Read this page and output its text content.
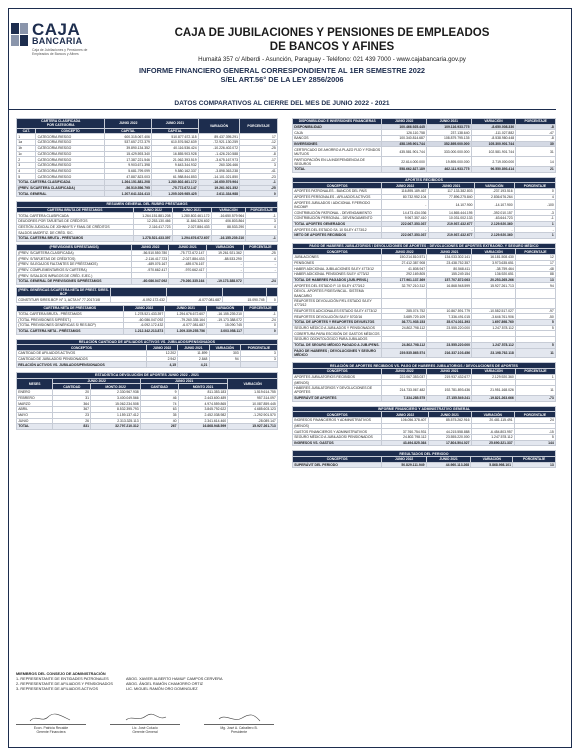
CAJA
BANCARIA
Caja de Jubilaciones y Pensiones de Empleados de Bancos y Afines
CAJA DE JUBILACIONES Y PENSIONES DE EMPLEADOS
DE BANCOS Y AFINES
Humaitá 357 c/ Alberdi - Asunción, Paraguay - Teléfono: 021 439 7000 - www.cajabancaria.gov.py
INFORME FINANCIERO GENERAL CORRESPONDIENTE AL 1ER SEMESTRE 2022
S/EL ART.56° DE LA LEY 2856/2006
DATOS COMPARATIVOS AL CIERRE DEL MES DE JUNIO 2022 - 2021
CARTERA CLASIFICADA
POR CATEGORIA		JUNIO 2022	JUNIO 2021	VARIACIÓN	PORCENTAJE
CAT.	CONCEPTO	CAPITAL	CAPITAL		
1	CATEGORIA RIESGO	600.315.067.406	510.877.672.115	89.437.395.291	17
1a	CATEGORIA RIESGO	537.657.272.379	610.576.562.639	-72.921.130.259	-12
1b	CATEGORIA RIESGO	39.890.134.352	40.116.536.424	-10.226.402.072	-25
1c	CATEGORIA RIESGO	15.429.593.340	16.855.903.928	-1.426.210.588	-8
2	CATEGORIA RIESGO	17.387.221.546	21.062.393.519	-3.675.167.973	-17
3	CATEGORIA RIESGO	9.903.671.398	9.643.344.932	260.326.466	3
4	CATEGORIA RIESGO	5.681.799.099	9.580.162.337	-3.898.363.238	-41
5	CATEGORIA RIESGO	47.887.823.003	61.988.844.853	-14.101.021.850	-23
TOTAL CARTERA CLASIFICADA		1.264.151.881.208	1.280.802.461.172	-16.650.579.964	-1
(PREV. S/CARTERA CLASIFICADA)		-56.510.556.795	-75.772.672.147	19.261.921.352	-25
TOTAL GENERAL		1.207.641.324.413	1.205.029.985.425	2.611.334.988	0
RESUMEN GENERAL DEL RUBRO PRÉSTAMOS				
CARTERA BRUTA DE PRÉSTAMOS	JUNIO 2022	JUNIO 2021	VARIACIÓN	PORCENTAJE
TOTAL CARTERA CLASIFICADA	1.264.151.881.208	1.280.802.461.172	-16.650.579.964	-1
DEUDORES POR TARJETAS DE CRÉDITOS	12.253.130.466	11.846.326.602	406.803.864	3
GESTIÓN JUDICIAL DE JOHNNY'S Y FAML DE CRÉDITOS	2.116.417.723	2.027.884.433	88.533.290	4
SALDOS AMORTIZ. DE CRÉD. S/C.				
TOTAL CARTERA BRUTA - PRÉSTAMOS	1.278.521.433.397	1.294.676.672.607	-16.155.239.210	-1
(PREVISIONES S/PRÉSTAMOS)	JUNIO 2022	JUNIO 2021	VARIACIÓN	PORCENTAJE
(PREV. S/CARTERA CLASIFICADA)	-56.510.550.780	-75.772.672.147	19.261.921.362	-25
(PREV. S/TARJETAS DE CRÉDITOS)	-2.116.417.723	-2.027.884.433	-88.533.290	4
(PREV. S/LEGAJOS FALTANTES DE PRÉSTAMOS)	-489.076.167	-489.076.167	-	-
(PREV. COMPLEMENTARIOS S/ CARTERA)	-970.662.417	-970.662.417	-	-
(PREV. S/SALDOS IMPAGOS DE CRÉD. EJEC.)				
TOTAL GENERAL DE PREVISIONES S/PRÉSTAMOS	-60.086.047.092	-79.260.335.164	-19.173.388.072	-24
(PREV. GENÉRICAS S/CARTERA NETA DE PREST. S/RES. BCP				
CONSTITUIR S/RES.BCP. N° 1, ACTA N° 77.2017/1/8	-6.092.172.432	-6.077.081.687	15.090.745	0
CARTERA NETA DE PRÉSTAMOS	JUNIO 2022	JUNIO 2021	VARIACIÓN	PORCENTAJE
TOTAL CARTERA BRUTA - PRÉSTAMOS	1.278.521.433.397	1.294.676.672.607	-16.155.239.210	-1
(TOTAL PREVISIONES S/PRÉST.)	-60.086.047.092	-79.260.335.164	-19.173.388.072	-24
(TOTAL PREVISIONES GENÉRICAS S/ RES.BCP)	-6.092.172.432	-6.077.081.687	15.090.745	0
TOTAL CARTERA NETA - PRÉSTAMOS	1.212.342.213.873	1.209.339.255.756	3.003.058.117	0
RELACIÓN CANTIDAD DE AFILIADOS ACTIVOS VS. JUBILADOS/PENSIONADOS				
CONCEPTOS	JUNIO 2022	JUNIO 2021	VARIACIÓN	PORCENTAJE
CANTIDAD DE AFILIADOS ACTIVOS	12.202	11.899	303	3
CANTIDAD DE JUBILADOS/ PENSIONADOS	2.942	2.848	94	3
RELACIÓN ACTIVOS VS. JUBILADOS/PENSIONADOS	4,15	4,21		
ESTADÍSTICA DEVOLUCIÓN DE APORTES JUNIO 2022 - 2021					
MESES	JUNIO 2022		JUNIO 2021		VARIACIÓN
	CANTIDAD	MONTO 2022	CANTIDAD	MONTO 2021	
ENERO	20	2.330.967.938	9	811.353.183	1.519.614.755
FEBRERO	31	3.400.049.566	46	2.443.600.489	957.314.097
MARZO	364	15.062.234.508	74	4.974.559.865	10.087.859.445
ABRIL	367	8.532.395.793	63	3.845.792.622	4.685.603.123
MAYO	23	1.159.137.412	35	2.452.038.982	-1.292.901.570
JUNIO	26	2.313.325.113	40	2.341.614.460	-28.089.147
TOTAL	831	32.797.210.312	267	16.868.948.599	15.927.261.713
MIEMBROS DEL CONSEJO DE ADMINISTRACIÓN
1- REPRESENTANTE DE ENTIDADES PATRONALES	ABOG. XAVIER ALBERTO HAMUF CAMPOS CERVERA
2- REPRESENTANTE DE AFILIADOS Y PENSIONADOS	ABOG. ÁNGEL RAMÓN CHAMORRO ORTIZ
3- REPRESENTANTE DE AFILIADOS ACTIVOS	LIC. MIGUEL RAMÓN ORO DOMINGUEZ
Econ. Patricia Recalde
Gerente Financiera
Lic. José Colucio
Gerente General
Mg. José A. Caballero B.
Presidente
DISPONIBILIDAD E INVERSIONES FINANCIERAS	JUNIO 2022	JUNIO 2021	VARIACIÓN	PORCENTAJE
DISPONIBILIDAD	100.466.925.445	109.116.933.775	-8.650.008.330	-8
CAJA	126.110.758	237.138.640	-111.027.882	-47
BANCOS	100.340.814.687	108.879.795.135	-8.538.980.448	-8
INVERSIONES	458.195.901.744	352.895.000.000	105.300.901.744	30
CERTIFICADO DE AHORRO A PLAZO FIJO Y FONDOS MUTUOS	435.581.901.744	333.000.000.000	102.581.901.744	31
PARTICIPACIÓN EN LA INDEPENDENCIA DE SEGUROS	22.614.000.000	19.895.000.000	2.719.000.000	14
TOTAL	558.662.827.189	462.111.933.775	96.550.893.414	21
APORTES RECIBIDOS				
CONCEPTOS	JUNIO 2022	JUNIO 2021	VARIACIÓN	PORCENTAJE
APORTES PATRONALES - BANCOS DEL PAÍS	116.895.189.467	117.133.382.803	-237.193.516	0
APORTES PERSONALES - AFILIADOS ACTIVOS	80.732.952.104	77.896.275.840	2.836.676.264	4
APORTES JUBILADOS / ADICIONAL F.PERIODO INCOMP.	-	14.107.900	-14.107.900	-100
CONTRIBUCIÓN PATRONAL - DEVENGAMIENTO	14.473.434.036	14.865.444.195	-392.010.157	-3
CONTRIBUCIÓN PERSONAL - DEVENGAMIENTO	9.967.357.410	10.031.002.133	-63.644.723	-1
TOTAL APORTES GENERADOS	222.067.353.037	219.937.432.677	2.129.920.360	1
APORTES DEL ESTADO S/L 10 S/LEY 4773/12	-	-	-	-
NETO DE APORTES RECIBIDOS	222.067.353.037	219.937.432.677	2.129.920.360	1
PAGO DE HABERES JUBILATORIOS / DEVOLUCIONES DE APORTES ; DEVOLUCIONES DE APORTES EXTRAORD. Y SEGURO MÉDICO				
CONCEPTOS	JUNIO 2022	JUNIO 2021	VARIACIÓN	PORCENTAJE
JUBILACIONES	150.214.810.571	134.033.302.141	16.181.508.430	12
PENSIONES	27.412.387.908	23.438.752.357	3.973.635.651	17
HABER ADICIONAL JUBILACIONES S/LEY 4773/12	41.808.947	80.568.411	-38.759.464	-48
HABER ADICIONAL PENSIONES S/LEY 4773/12	292.169.805	155.249.154	136.920.651	88
TOTAL DE HABERES PAGADOS (JUB./PENS.)	177.961.137.369	157.707.872.063	20.253.265.266	13
APORTES DEL ESTADO P. 10 S/LEY 4773/12	32.797.210.312	16.868.948.599	15.927.261.713	94
DEVOL. APORTES P/DESVINCUL. SISTEMA BANCARIO				
REAPORTES DEVOLUCIÓN P/EL ESTADO S/LEY 4773/12				
REAPORTES ADICIONALES ESTADO S/LEY 4773/12	285.074.752	10.867.591.779	-10.582.517.027	-97
REAPORTES DEVOLUCIÓN S/LEY 5702/16	3.689.729.109	7.336.491.015	-3.646.761.906	-50
TOTAL DE APORTES Y REAPORTES DEVUELTOS	36.771.935.153	35.074.031.393	1.697.898.760	5
SEGURO MÉDICO A JUBILADOS Y PENSIONADOS	24.802.798.112	23.555.220.000	1.247.578.112	5
COBERTURA PARA ESCISIÓN DE GASTOS MÉDICOS				
SEGURO ODONTOLÓGICO PARA JUBILADOS				
TOTAL DE SEGURO MÉDICO PAGADO A JUB./PENS.	24.802.798.112	23.555.220.000	1.247.578.112	5
PAGO DE HABERES ; DEVOLUCIONES Y SEGURO MÉDICO	239.535.865.574	216.337.103.456	23.198.762.118	11
RELACIÓN DE APORTES RECIBIDOS VS. PAGO DE HABERES JUBILATORIOS / DEVOLUCIONES DE APORTES				
CONCEPTOS	JUNIO 2022	JUNIO 2021	VARIACIÓN	PORCENTAJE
APORTES JUBILATORIOS RECIBIDOS	222.067.353.037	219.937.432.677	2.129.920.360	1
(MENOS)				
HABERES JUBILATORIOS Y DEVOLUCIONES DE APORTES	214.733.067.482	192.781.893.436	21.951.168.026	11
SUPERÁVIT DE APORTES	7.334.285.575	27.155.549.241	-19.821.263.666	-73
INFORME FINANCIERO Y ADMINISTRATIVO GENERAL				
CONCEPTOS	JUNIO 2022	JUNIO 2021	VARIACIÓN	PORCENTAJE
INGRESOS FINANCIEROS Y ADMINISTRATIVOS	106.056.378.407	85.575.262.916	20.481.115.491	24
(MENOS)				
GASTOS FINANCIEROS Y ADMINISTRATIVOS	37.760.754.931	44.215.558.888	-6.454.803.957	-15
SEGURO MÉDICO A JUBILADOS/ PENSIONADOS	24.802.798.112	23.555.220.000	1.247.578.112	5
INGRESOS VS. GASTOS	43.494.825.364	17.804.504.027	25.690.321.337	144
RESULTADOS DEL PERIODO				
CONCEPTOS	JUNIO 2022	JUNIO 2021	VARIACIÓN	PORCENTAJE
SUPERÁVIT DEL PERIODO	50.829.111.949	44.960.113.268	5.868.998.101	13
